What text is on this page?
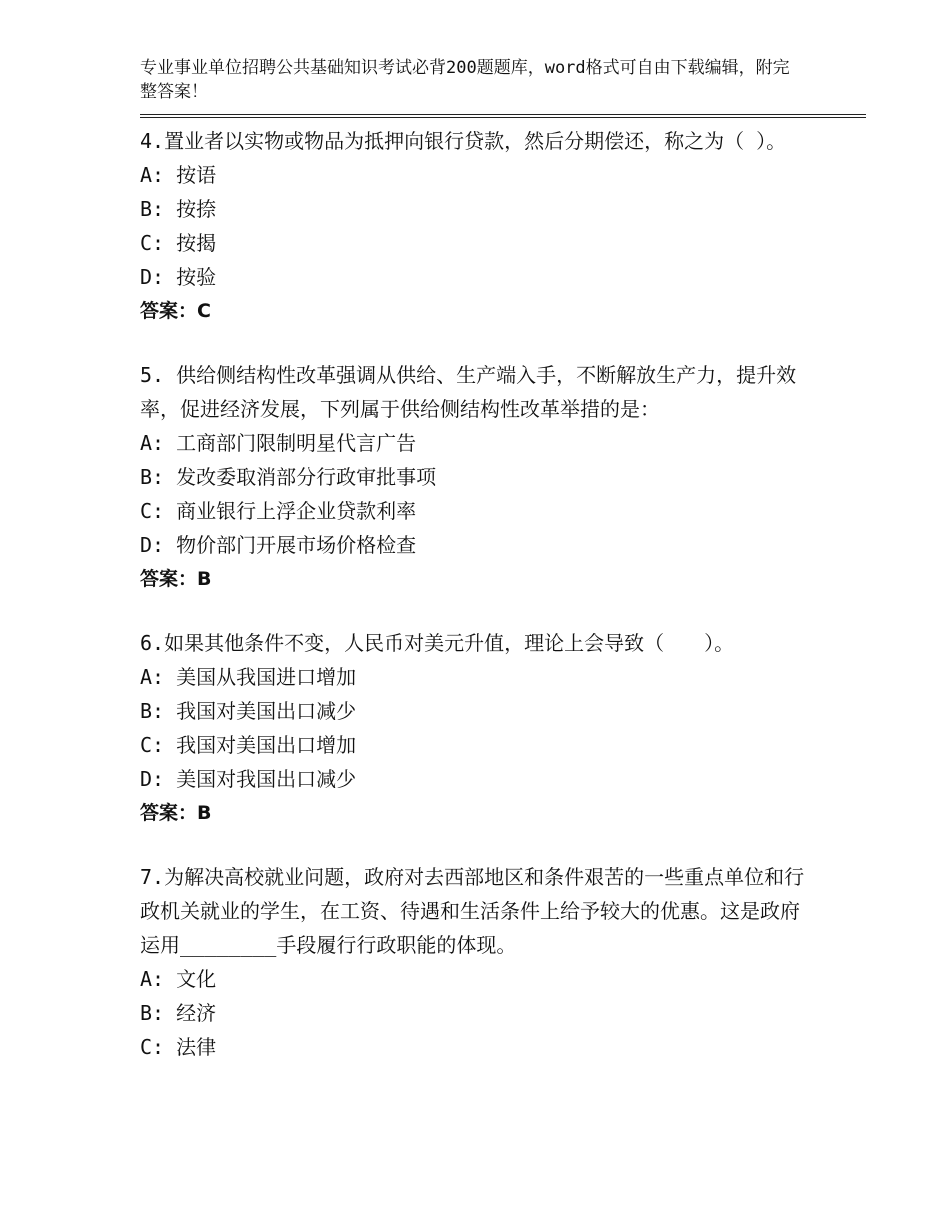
专业事业单位招聘公共基础知识考试必背200题题库，word格式可自由下载编辑，附完整答案！

4.置业者以实物或物品为抵押向银行贷款，然后分期偿还，称之为（ ）。

A: 按语

B: 按捺

C: 按揭

D: 按验

答案：C

5. 供给侧结构性改革强调从供给、生产端入手，不断解放生产力，提升效率，促进经济发展，下列属于供给侧结构性改革举措的是：

A: 工商部门限制明星代言广告

B: 发改委取消部分行政审批事项

C: 商业银行上浮企业贷款利率

D: 物价部门开展市场价格检查

答案：B

6.如果其他条件不变，人民币对美元升值，理论上会导致（　　）。

A: 美国从我国进口增加

B: 我国对美国出口减少

C: 我国对美国出口增加

D: 美国对我国出口减少

答案：B

7.为解决高校就业问题，政府对去西部地区和条件艰苦的一些重点单位和行政机关就业的学生，在工资、待遇和生活条件上给予较大的优惠。这是政府运用________手段履行行政职能的体现。

A: 文化

B: 经济

C: 法律
